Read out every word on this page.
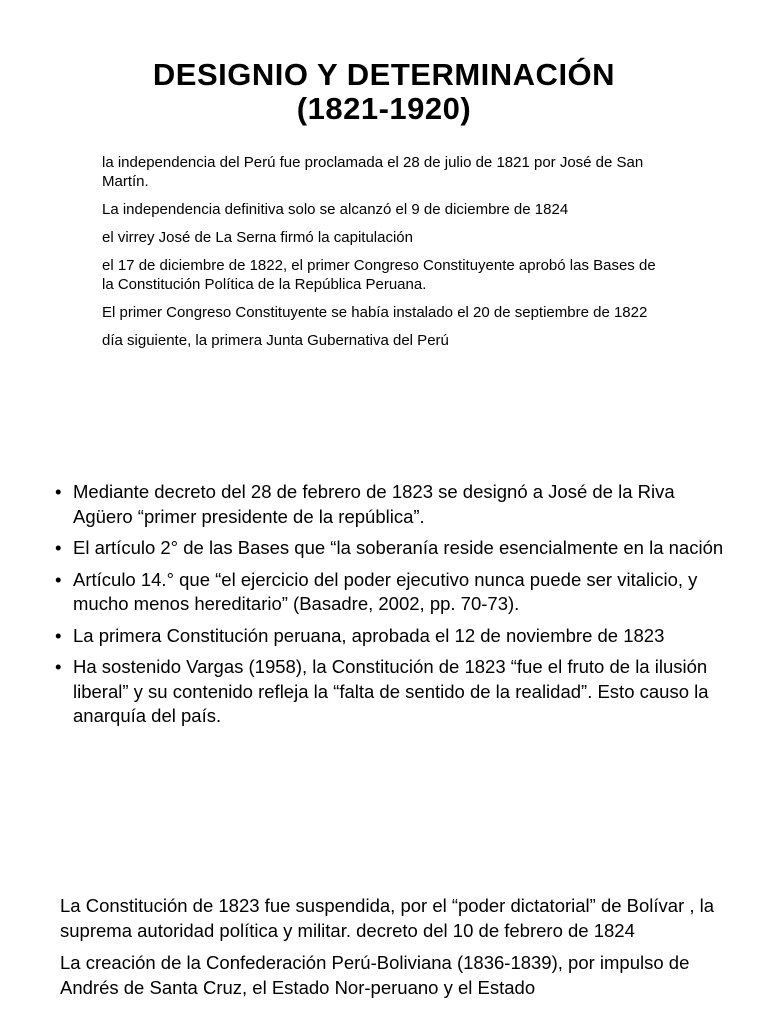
DESIGNIO Y DETERMINACIÓN
(1821-1920)

la independencia del Perú fue proclamada el 28 de julio de 1821 por José de San Martín.

La independencia definitiva solo se alcanzó el 9 de diciembre de 1824

el virrey José de La Serna firmó la capitulación

el 17 de diciembre de 1822, el primer Congreso Constituyente aprobó las Bases de la Constitución Política de la República Peruana.

El primer Congreso Constituyente se había instalado el 20 de septiembre de 1822

día siguiente, la primera Junta Gubernativa del Perú

• Mediante decreto del 28 de febrero de 1823 se designó a José de la Riva Agüero “primer presidente de la república”.
• El artículo 2° de las Bases que “la soberanía reside esencialmente en la nación
• Artículo 14.° que “el ejercicio del poder ejecutivo nunca puede ser vitalicio, y mucho menos hereditario” (Basadre, 2002, pp. 70-73).
• La primera Constitución peruana, aprobada el 12 de noviembre de 1823
• Ha sostenido Vargas (1958), la Constitución de 1823 “fue el fruto de la ilusión liberal” y su contenido refleja la “falta de sentido de la realidad”. Esto causo la anarquía del país.

La Constitución de 1823 fue suspendida, por el “poder dictatorial” de Bolívar , la suprema autoridad política y militar. decreto del 10 de febrero de 1824

La creación de la Confederación Perú-Boliviana (1836-1839), por impulso de Andrés de Santa Cruz, el Estado Nor-peruano y el Estado
